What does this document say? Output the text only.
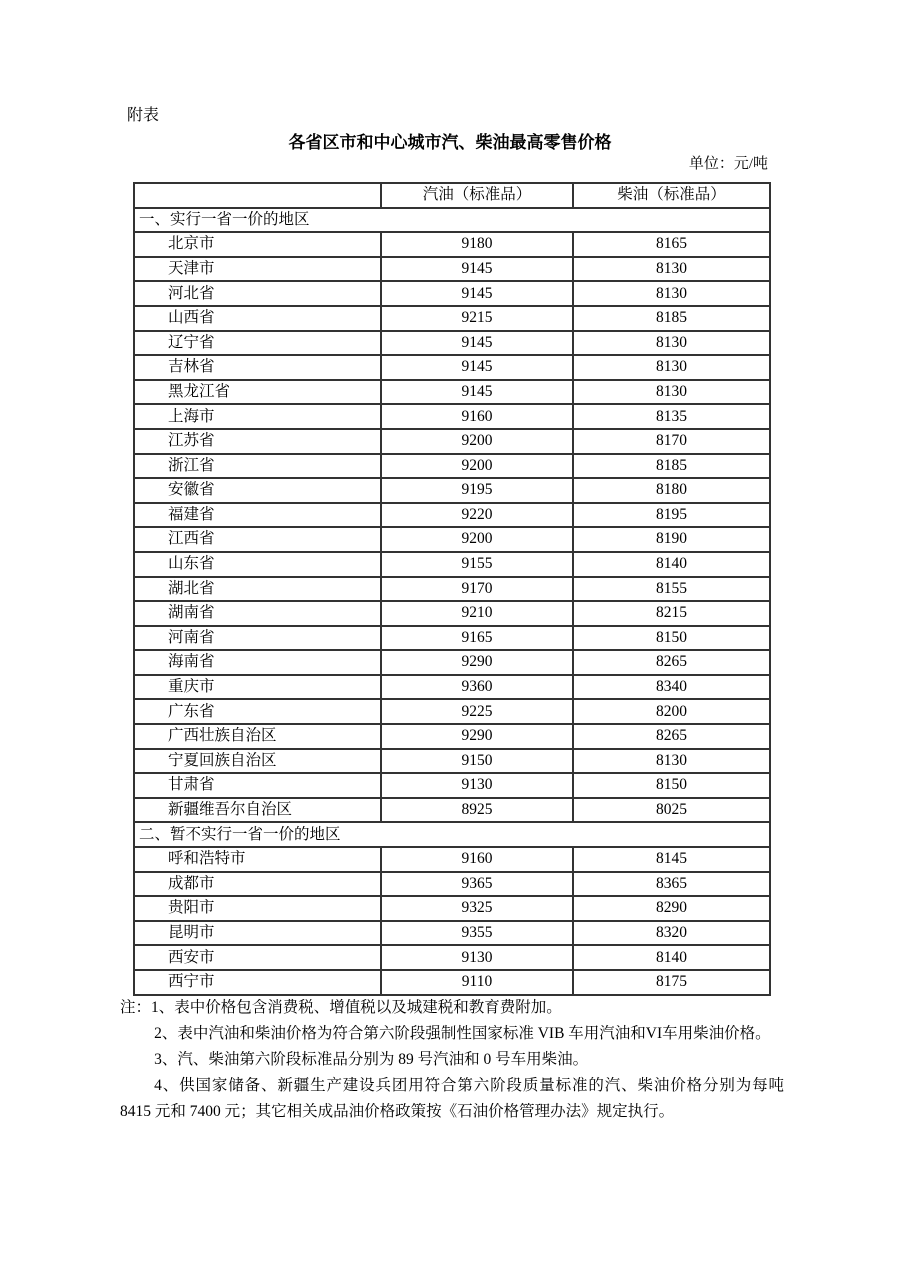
附表
各省区市和中心城市汽、柴油最高零售价格
单位：元/吨
	汽油（标准品）	柴油（标准品）
一、实行一省一价的地区		
北京市	9180	8165
天津市	9145	8130
河北省	9145	8130
山西省	9215	8185
辽宁省	9145	8130
吉林省	9145	8130
黑龙江省	9145	8130
上海市	9160	8135
江苏省	9200	8170
浙江省	9200	8185
安徽省	9195	8180
福建省	9220	8195
江西省	9200	8190
山东省	9155	8140
湖北省	9170	8155
湖南省	9210	8215
河南省	9165	8150
海南省	9290	8265
重庆市	9360	8340
广东省	9225	8200
广西壮族自治区	9290	8265
宁夏回族自治区	9150	8130
甘肃省	9130	8150
新疆维吾尔自治区	8925	8025
二、暂不实行一省一价的地区		
呼和浩特市	9160	8145
成都市	9365	8365
贵阳市	9325	8290
昆明市	9355	8320
西安市	9130	8140
西宁市	9110	8175

注：1、表中价格包含消费税、增值税以及城建税和教育费附加。

2、表中汽油和柴油价格为符合第六阶段强制性国家标准 VIB 车用汽油和VI车用柴油价格。

3、汽、柴油第六阶段标准品分别为 89 号汽油和 0 号车用柴油。

4、供国家储备、新疆生产建设兵团用符合第六阶段质量标准的汽、柴油价格分别为每吨 8415 元和 7400 元；其它相关成品油价格政策按《石油价格管理办法》规定执行。
